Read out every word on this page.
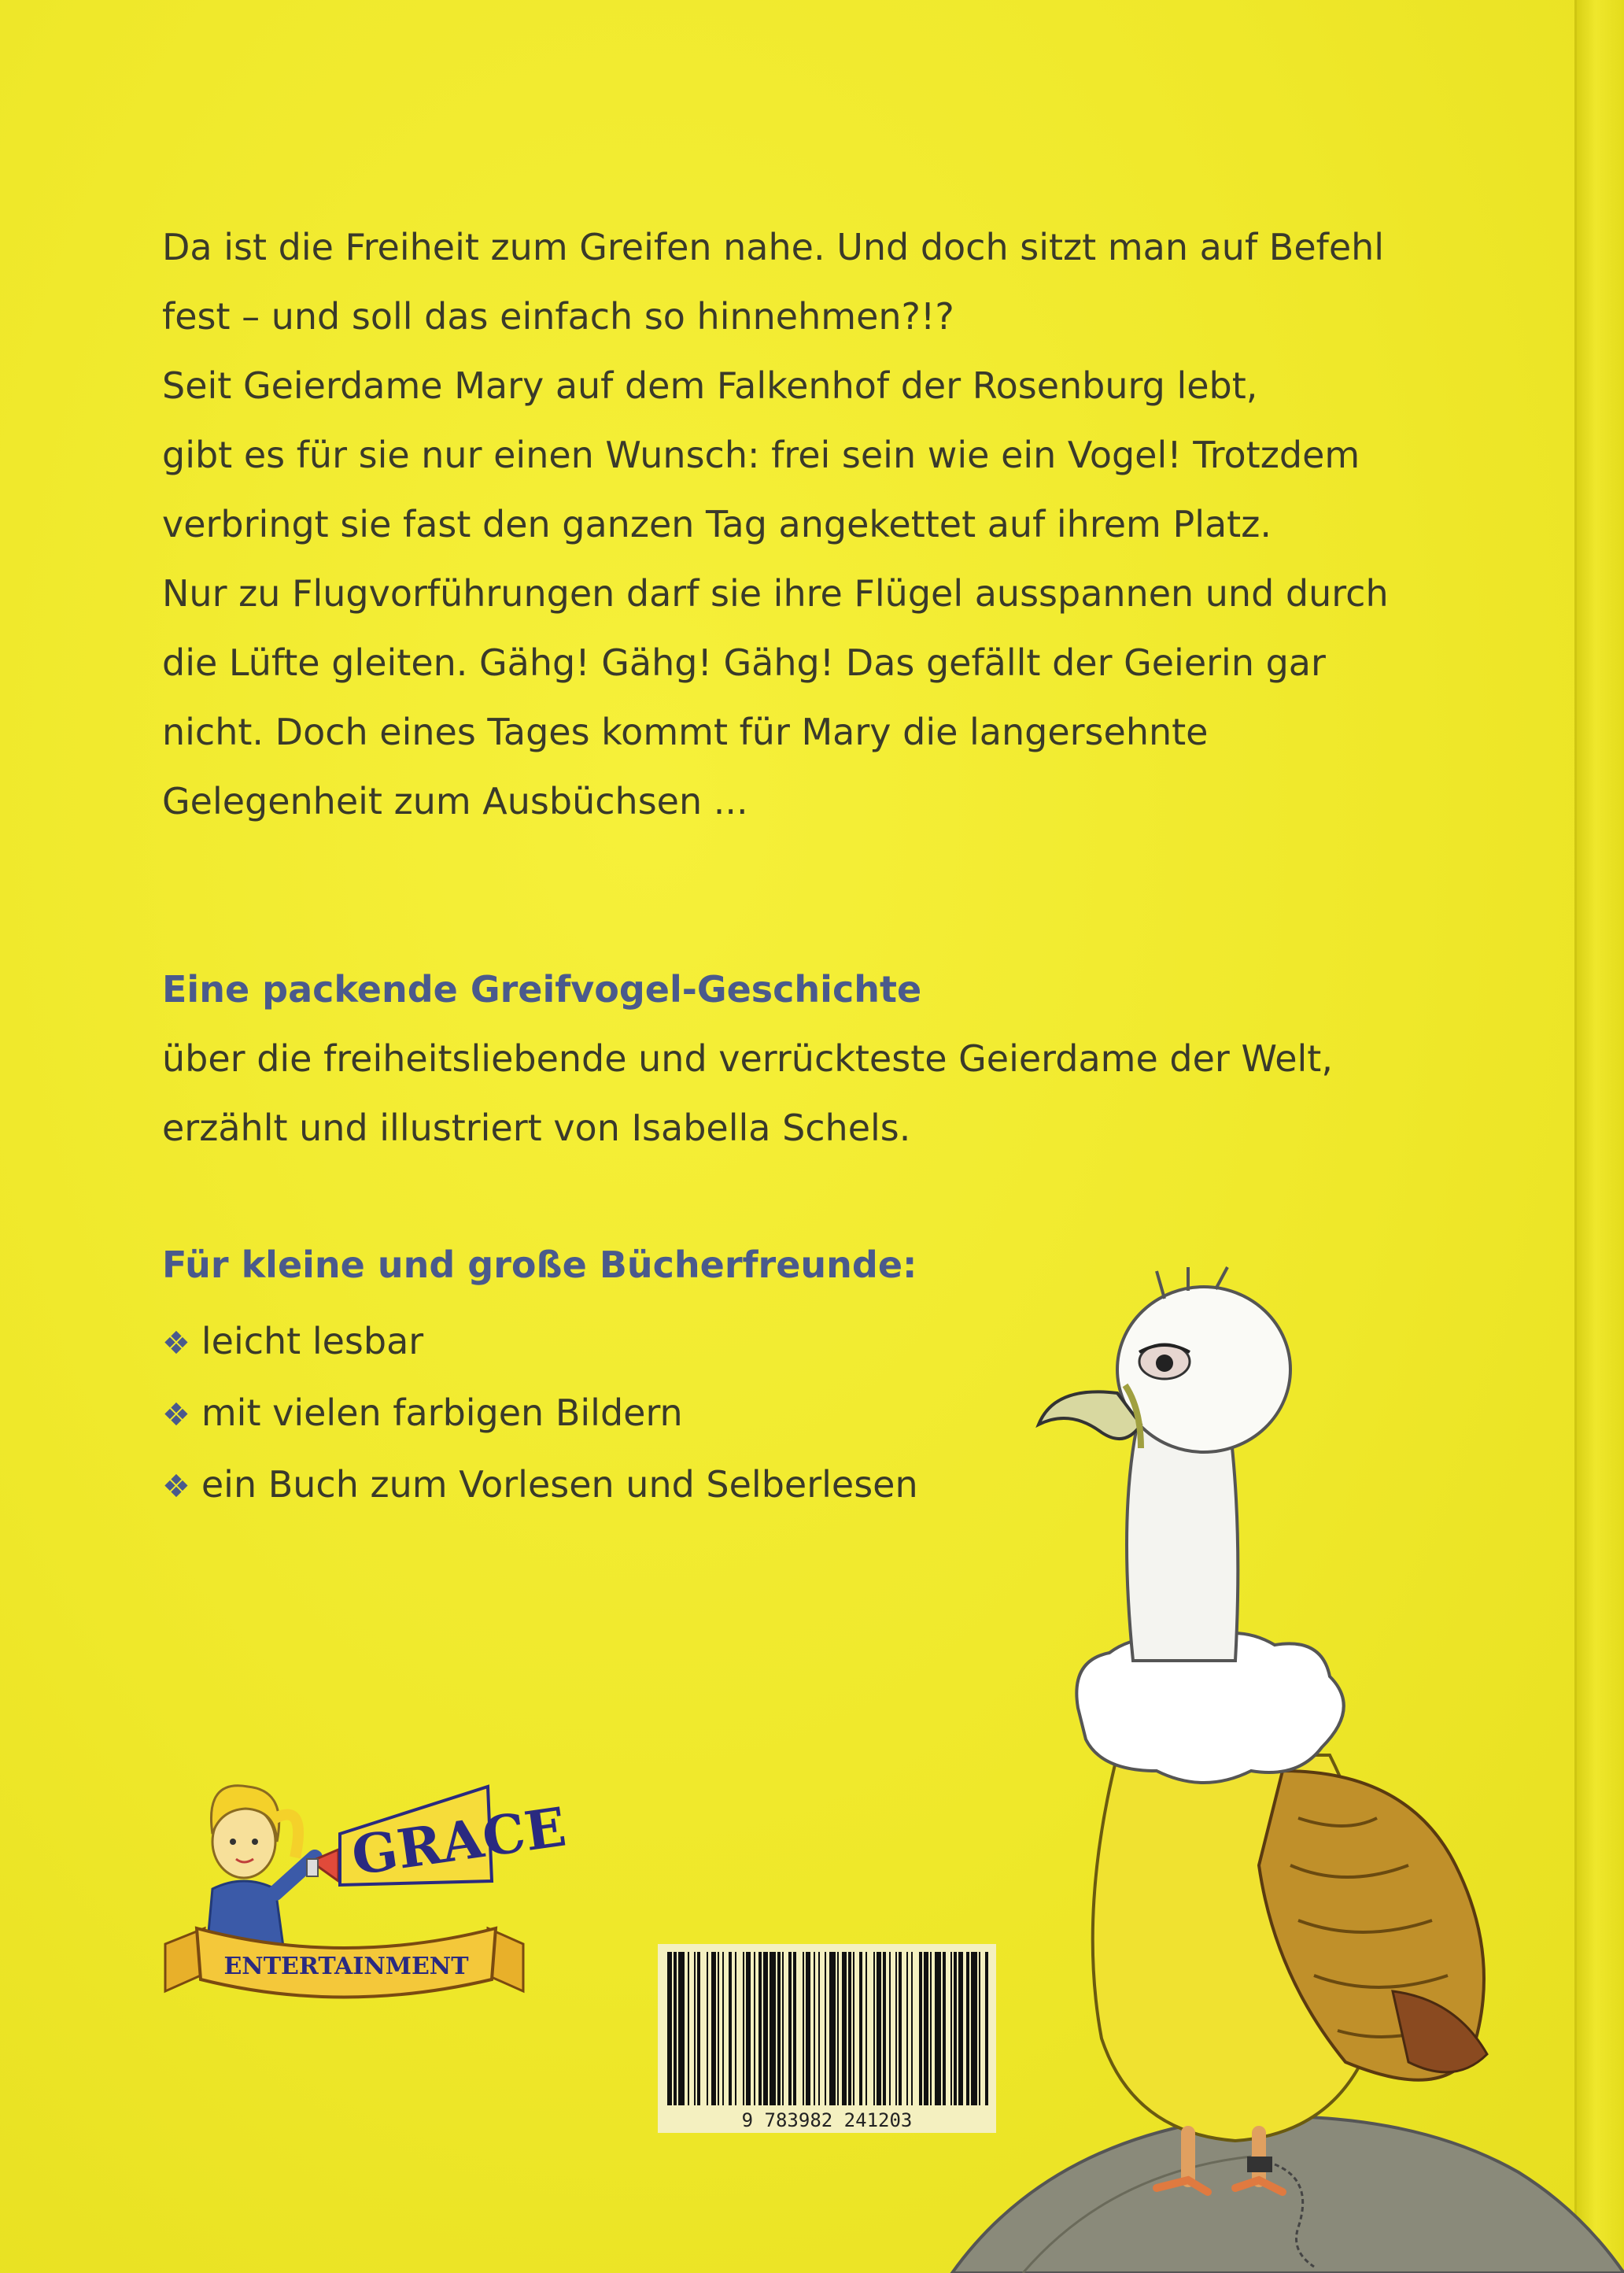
Da ist die Freiheit zum Greifen nahe. Und doch sitzt man auf Befehl
fest – und soll das einfach so hinnehmen?!?
Seit Geierdame Mary auf dem Falkenhof der Rosenburg lebt,
gibt es für sie nur einen Wunsch: frei sein wie ein Vogel! Trotzdem
verbringt sie fast den ganzen Tag angekettet auf ihrem Platz.
Nur zu Flugvorführungen darf sie ihre Flügel ausspannen und durch
die Lüfte gleiten. Gähg! Gähg! Gähg! Das gefällt der Geierin gar
nicht. Doch eines Tages kommt für Mary die langersehnte
Gelegenheit zum Ausbüchsen ...

Eine packende Greifvogel-Geschichte
über die freiheitsliebende und verrückteste Geierdame der Welt,
erzählt und illustriert von Isabella Schels.
Für kleine und große Bücherfreunde:
❖ leicht lesbar
❖ mit vielen farbigen Bildern
❖ ein Buch zum Vorlesen und Selberlesen
GRACE
ENTERTAINMENT
9 783982 241203
